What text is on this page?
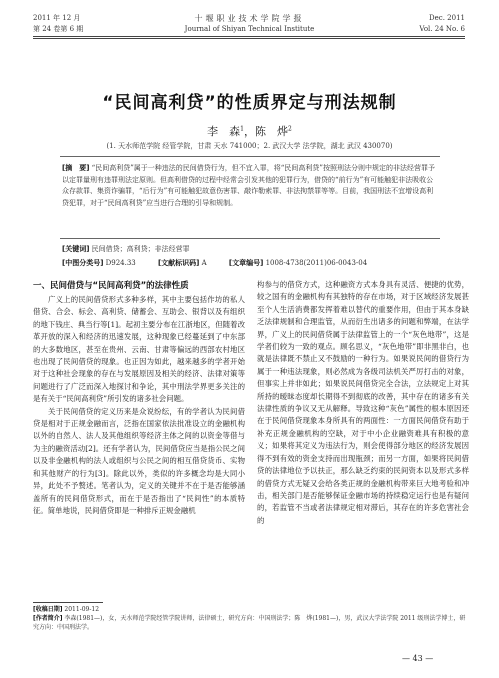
2011 年 12 月
第 24 卷第 6 期
十堰职业技术学院学报
Journal of Shiyan Technical Institute
Dec. 2011
Vol. 24 No. 6
“民间高利贷”的性质界定与刑法规制
李　森$^1$，陈　烨$^2$
(1. 天水师范学院 经管学院，甘肃 天水 741000；2. 武汉大学 法学院，湖北 武汉 430070)
[摘　要] “民间高利贷”属于一种违法的民间借贷行为，但不宜入罪，将“民间高利贷”按照刑法分则中规定的非法经营罪予以定罪量刑有违罪刑法定原则。但高利借贷的过程中经常会引发其他的犯罪行为，借贷的“前行为”有可能触犯非法吸收公众存款罪、集资诈骗罪，“后行为”有可能触犯故意伤害罪、敲诈勒索罪、非法拘禁罪等等。目前，我国刑法不宜增设高利贷犯罪，对于“民间高利贷”应当进行合理的引导和规制。
[关键词] 民间借贷；高利贷；非法经营罪
[中图分类号] D924.33	[文献标识码] A	[文章编号] 1008-4738(2011)06-0043-04
一、民间借贷与“民间高利贷”的法律性质

广义上的民间借贷形式多种多样，其中主要包括作坊的私人借贷、合会、标会、高利贷、储蓄会、互助会、银背以及有组织的地下钱庄、典当行等[1]。起初主要分布在江浙地区，但随着改革开放的深入和经济的迅速发展，这种现象已经蔓延到了中东部的大多数地区，甚至在贵州、云南、甘肃等偏远的西部农村地区也出现了民间借贷的现象。也正因为如此，越来越多的学者开始对于这种社会现象的存在与发展原因及相关的经济、法律对策等问题进行了广泛而深入地探讨和争论，其中刑法学界更多关注的是有关于“民间高利贷”所引发的诸多社会问题。

关于民间借贷的定义历来是众说纷纭，有的学者认为民间借贷是相对于正规金融而言，泛指在国家依法批准设立的金融机构以外的自然人、法人及其他组织等经济主体之间的以资金等借与为主的融资活动[2]。还有学者认为，民间借贷应当是指公民之间以及非金融机构的法人或组织与公民之间的相互借贷货币、实物和其他财产的行为[3]。除此以外，类似的许多概念均是大同小异，此处不予赘述。笔者认为，定义的关键并不在于是否能够涵盖所有的民间借贷形式，而在于是否指出了“民间性”的本质特征。简单地说，民间借贷即是一种排斥正规金融机

构参与的借贷方式，这种融资方式本身具有灵活、便捷的优势，较之国有的金融机构有其独特的存在市场，对于区域经济发展甚至个人生活消费都发挥着难以替代的重要作用，但由于其本身缺乏法律规制和合理监管，从而衍生出诸多的问题和弊端，在法学界，广义上的民间借贷属于法律监管上的一个“灰色地带”，这是学者们较为一致的观点。顾名思义，“灰色地带”即非黑非白，也就是法律既不禁止又不鼓励的一种行为。如果说民间的借贷行为属于一种违法现象，则必然成为各级司法机关严厉打击的对象，但事实上并非如此；如果说民间借贷完全合法，立法规定上对其所持的暧昧态度却长期得不到彻底的改善，其中存在的诸多有关法律性质的争议又无从解释。导致这种“灰色”属性的根本原因还在于民间借贷现象本身所具有的两面性：一方面民间借贷有助于补充正规金融机构的空缺，对于中小企业融资难具有积极的意义；如果将其定义为违法行为，则会使得部分地区的经济发展因得不到有效的资金支持而出现瓶颈；而另一方面，如果将民间借贷的法律地位予以扶正，那么缺乏约束的民间资本以及形式多样的借贷方式无疑又会给各类正规的金融机构带来巨大地考验和冲击，相关部门是否能够保证金融市场的持续稳定运行也是有疑问的，若监管不当或者法律规定相对滞后，其存在的许多危害社会的

[收稿日期] 2011-09-12
[作者简介] 李森(1981—)，女，天水师范学院经管学院讲师，法律硕士，研究方向：中国刑法学；陈　烨(1981—)，男，武汉大学法学院 2011 级刑法学博士，研究方向：中国刑法学。
— 43 —
